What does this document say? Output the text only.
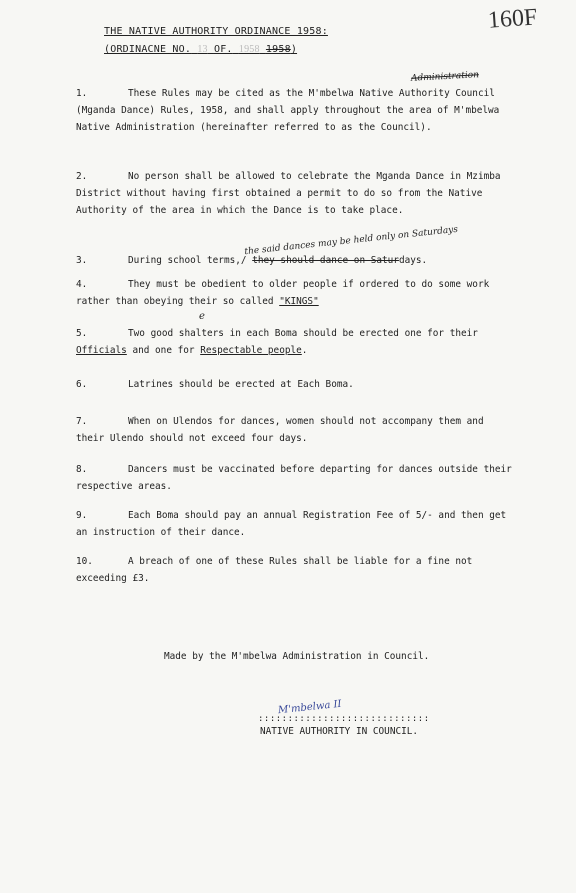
160F
THE NATIVE AUTHORITY ORDINANCE 1958:
(ORDINACNE NO. 13 OF. 1958 1958)
Administration
1.	These Rules may be cited as the M'mbelwa Native Authority Council (Mganda Dance) Rules, 1958, and shall apply throughout the area of M'mbelwa Native Administration (hereinafter referred to as the Council).
2.	No person shall be allowed to celebrate the Mganda Dance in Mzimba District without having first obtained a permit to do so from the Native Authority of the area in which the Dance is to take place.
the said dances may be held only on Saturdays
3.	During school terms,/ they should dance on Saturdays.
4.	They must be obedient to older people if ordered to do some work rather than obeying their so called "KINGS"
e
5.	Two good shalters in each Boma should be erected one for their Officials and one for Respectable people.
6.	Latrines should be erected at Each Boma.
7.	When on Ulendos for dances, women should not accompany them and their Ulendo should not exceed four days.
8.	Dancers must be vaccinated before departing for dances outside their respective areas.
9.	Each Boma should pay an annual Registration Fee of 5/- and then get an instruction of their dance.
10.	A breach of one of these Rules shall be liable for a fine not exceeding £3.
Made by the M'mbelwa Administration in Council.
M'mbelwa II
:::::::::::::::::::::::::::::
NATIVE AUTHORITY IN COUNCIL.
